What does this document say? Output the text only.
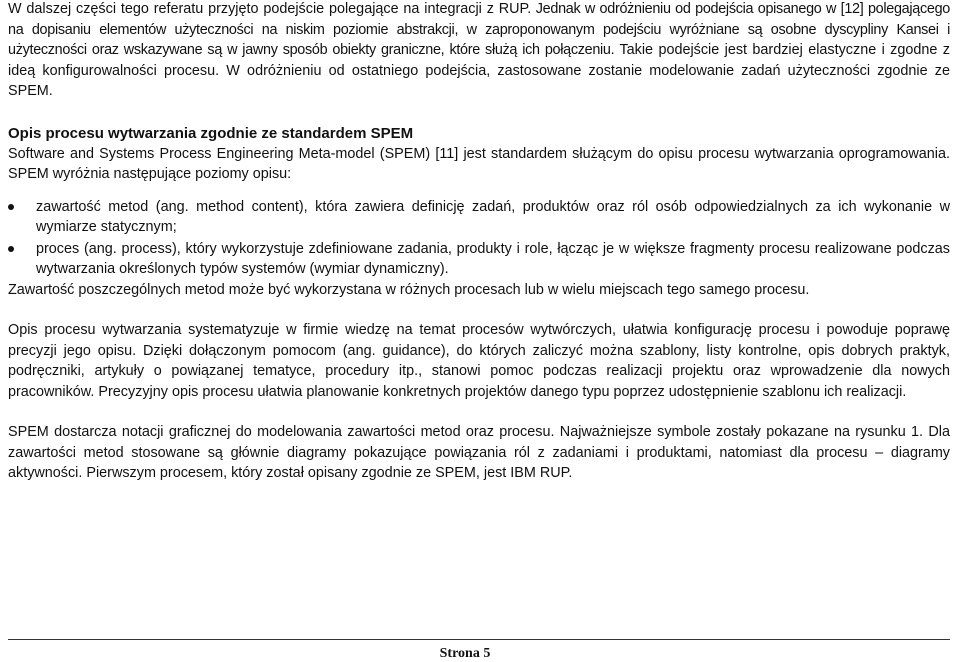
W dalszej części tego referatu przyjęto podejście polegające na integracji z RUP. Jednak w odróżnieniu od podejścia opisanego w [12] polegającego na dopisaniu elementów użyteczności na niskim poziomie abstrakcji, w zaproponowanym podejściu wyróżniane są osobne dyscypliny Kansei i użyteczności oraz wskazywane są w jawny sposób obiekty graniczne, które służą ich połączeniu. Takie podejście jest bardziej elastyczne i zgodne z ideą konfigurowalności procesu. W odróżnieniu od ostatniego podejścia, zastosowane zostanie modelowanie zadań użyteczności zgodnie ze SPEM.

Opis procesu wytwarzania zgodnie ze standardem SPEM

Software and Systems Process Engineering Meta-model (SPEM) [11] jest standardem służącym do opisu procesu wytwarzania oprogramowania. SPEM wyróżnia następujące poziomy opisu:

zawartość metod (ang. method content), która zawiera definicję zadań, produktów oraz ról osób odpowiedzialnych za ich wykonanie w wymiarze statycznym;
proces (ang. process), który wykorzystuje zdefiniowane zadania, produkty i role, łącząc je w większe fragmenty procesu realizowane podczas wytwarzania określonych typów systemów (wymiar dynamiczny).

Zawartość poszczególnych metod może być wykorzystana w różnych procesach lub w wielu miejscach tego samego procesu.

Opis procesu wytwarzania systematyzuje w firmie wiedzę na temat procesów wytwórczych, ułatwia konfigurację procesu i powoduje poprawę precyzji jego opisu. Dzięki dołączonym pomocom (ang. guidance), do których zaliczyć można szablony, listy kontrolne, opis dobrych praktyk, podręczniki, artykuły o powiązanej tematyce, procedury itp., stanowi pomoc podczas realizacji projektu oraz wprowadzenie dla nowych pracowników. Precyzyjny opis procesu ułatwia planowanie konkretnych projektów danego typu poprzez udostępnienie szablonu ich realizacji.

SPEM dostarcza notacji graficznej do modelowania zawartości metod oraz procesu. Najważniejsze symbole zostały pokazane na rysunku 1. Dla zawartości metod stosowane są głównie diagramy pokazujące powiązania ról z zadaniami i produktami, natomiast dla procesu – diagramy aktywności. Pierwszym procesem, który został opisany zgodnie ze SPEM, jest IBM RUP.

Strona 5
